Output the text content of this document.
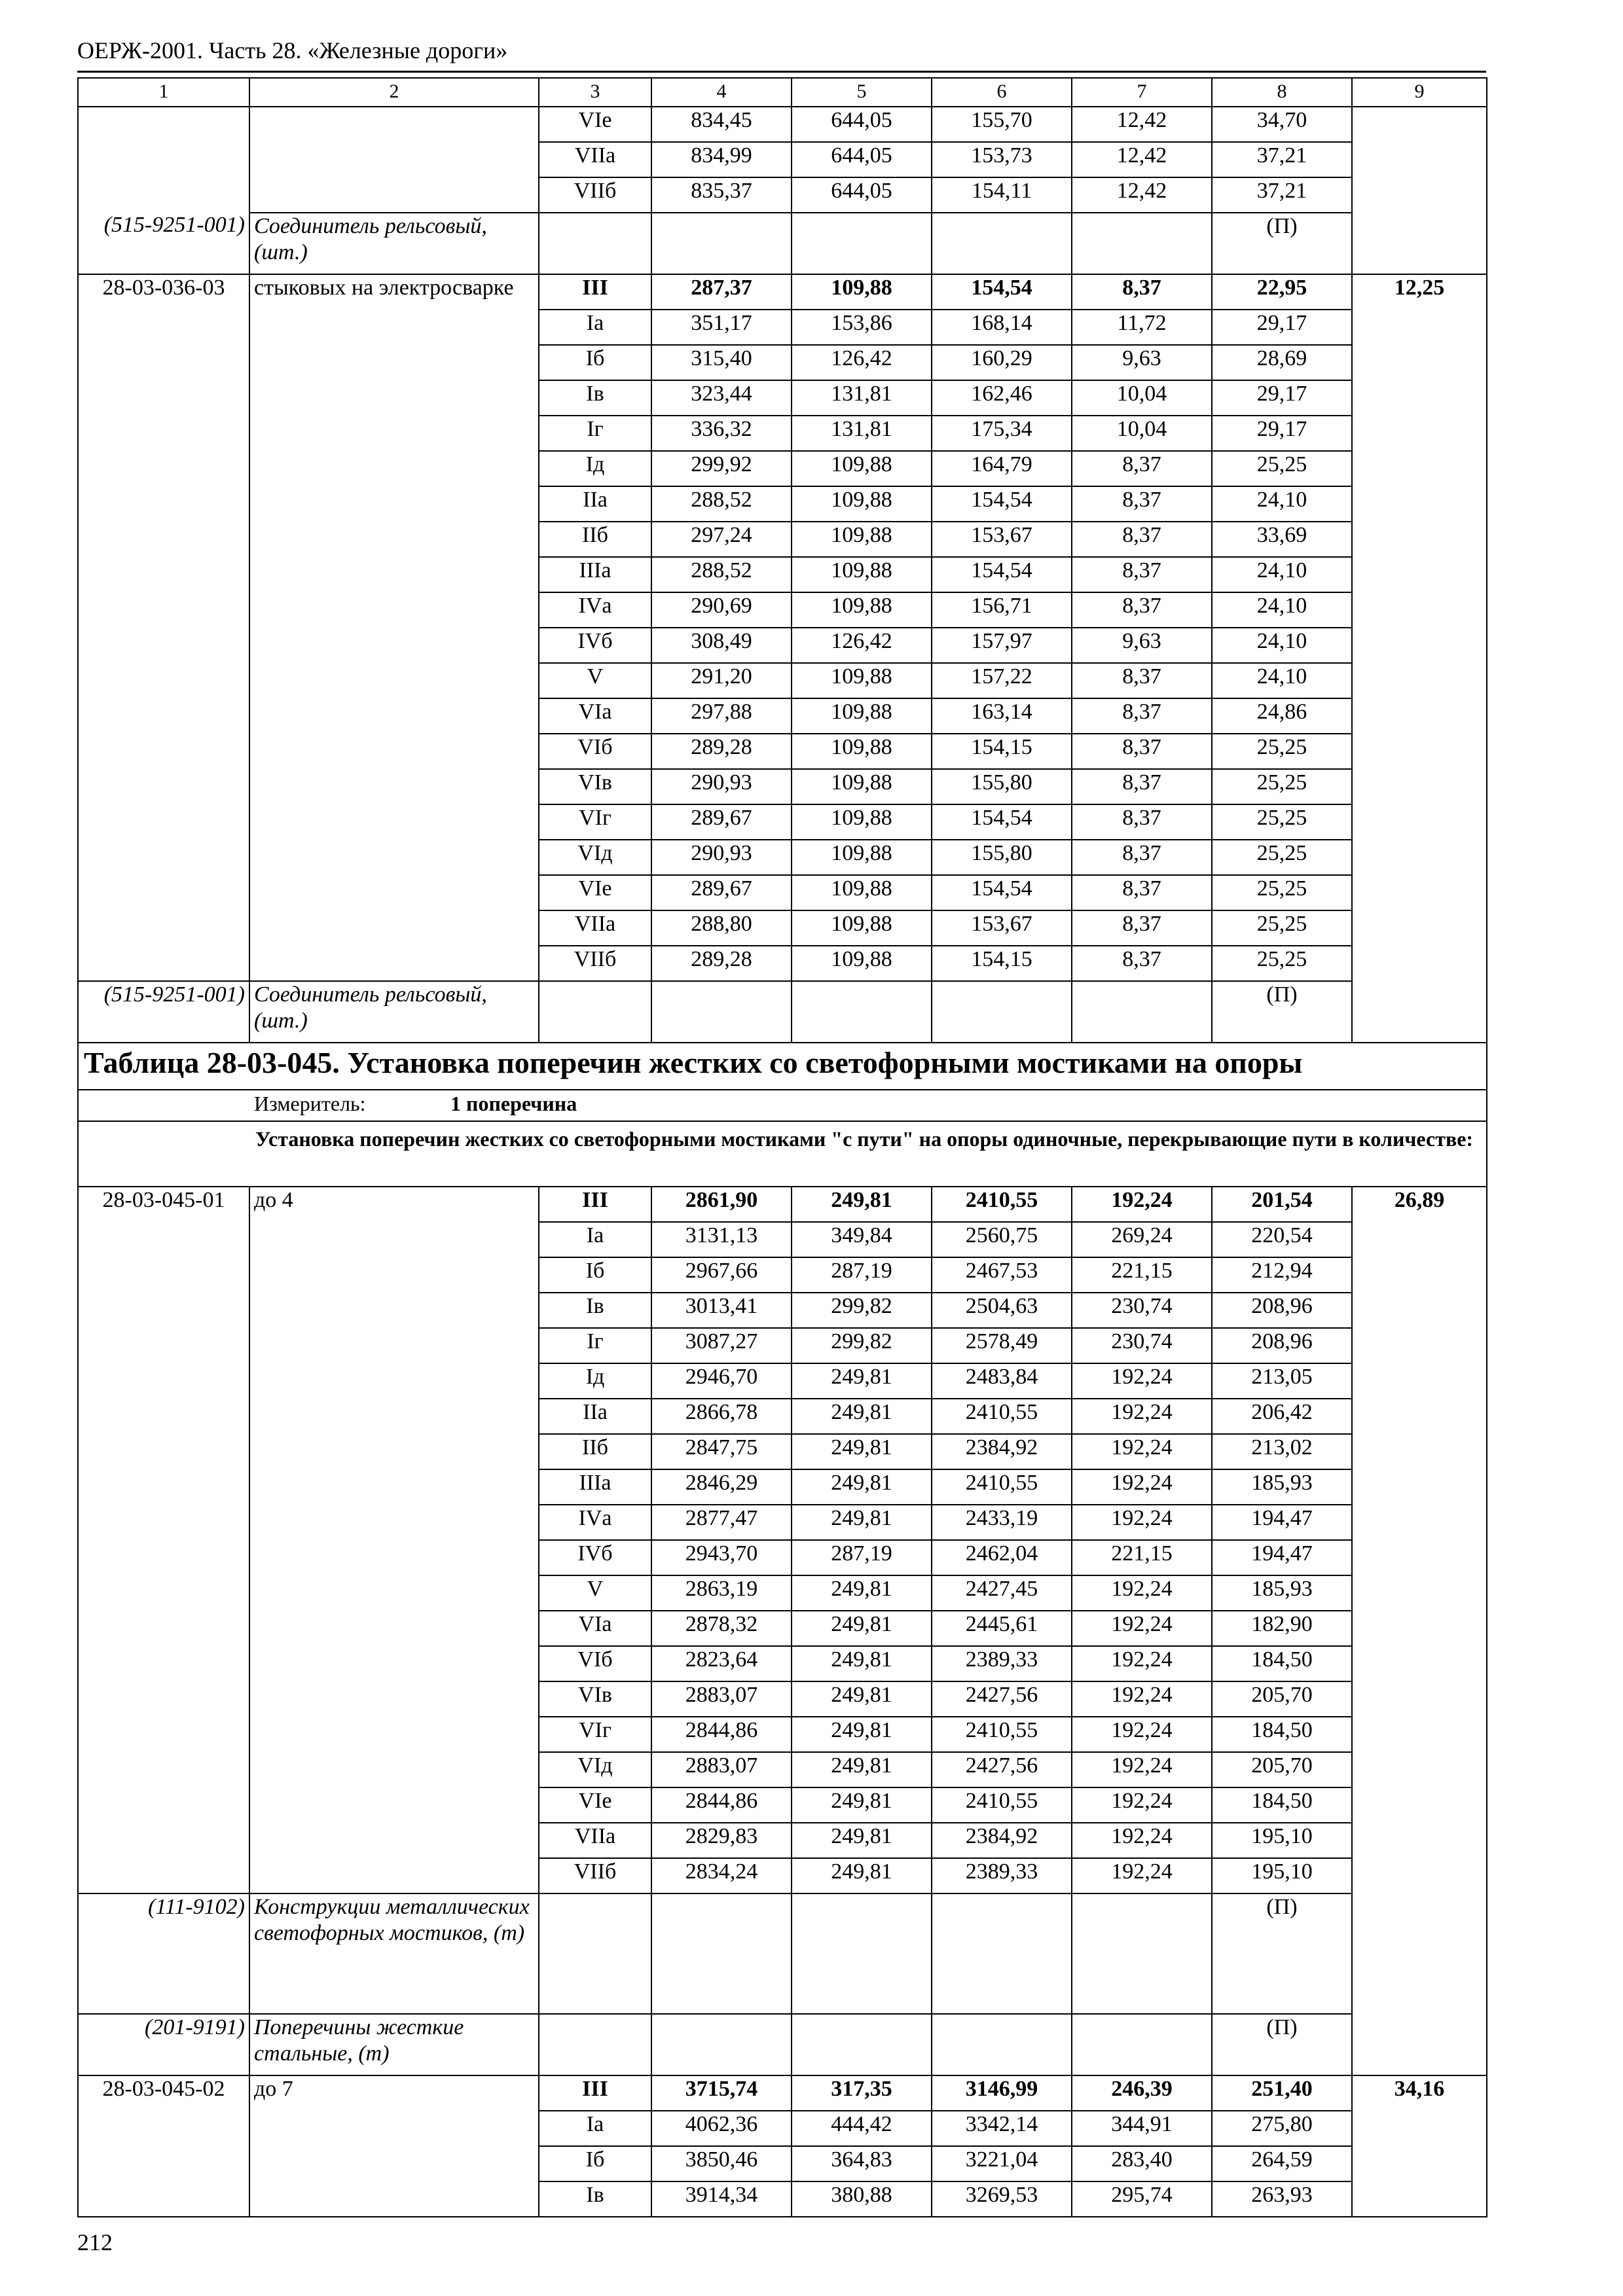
ОЕРЖ-2001. Часть 28. «Железные дороги»
1	2	3	4	5	6	7	8	9
(515-9251-001)		VIе	834,45	644,05	155,70	12,42	34,70	
		VIIа	834,99	644,05	153,73	12,42	37,21	
		VIIб	835,37	644,05	154,11	12,42	37,21	
	Соединитель рельсовый, (шт.)						(П)	
28-03-036-03	стыковых на электросварке	III	287,37	109,88	154,54	8,37	22,95	12,25
		Iа	351,17	153,86	168,14	11,72	29,17	
		Iб	315,40	126,42	160,29	9,63	28,69	
		Iв	323,44	131,81	162,46	10,04	29,17	
		Iг	336,32	131,81	175,34	10,04	29,17	
		Iд	299,92	109,88	164,79	8,37	25,25	
		IIа	288,52	109,88	154,54	8,37	24,10	
		IIб	297,24	109,88	153,67	8,37	33,69	
		IIIа	288,52	109,88	154,54	8,37	24,10	
		IVа	290,69	109,88	156,71	8,37	24,10	
		IVб	308,49	126,42	157,97	9,63	24,10	
		V	291,20	109,88	157,22	8,37	24,10	
		VIа	297,88	109,88	163,14	8,37	24,86	
		VIб	289,28	109,88	154,15	8,37	25,25	
		VIв	290,93	109,88	155,80	8,37	25,25	
		VIг	289,67	109,88	154,54	8,37	25,25	
		VIд	290,93	109,88	155,80	8,37	25,25	
		VIе	289,67	109,88	154,54	8,37	25,25	
		VIIа	288,80	109,88	153,67	8,37	25,25	
		VIIб	289,28	109,88	154,15	8,37	25,25	
(515-9251-001)	Соединитель рельсовый, (шт.)						(П)	
Таблица 28-03-045. Установка поперечин жестких со светофорными мостиками на опоры								
Измеритель: 1 поперечина								
Установка поперечин жестких со светофорными мостиками "с пути" на опоры одиночные, перекрывающие пути в количестве:								
28-03-045-01	до 4	III	2861,90	249,81	2410,55	192,24	201,54	26,89
		Iа	3131,13	349,84	2560,75	269,24	220,54	
		Iб	2967,66	287,19	2467,53	221,15	212,94	
		Iв	3013,41	299,82	2504,63	230,74	208,96	
		Iг	3087,27	299,82	2578,49	230,74	208,96	
		Iд	2946,70	249,81	2483,84	192,24	213,05	
		IIа	2866,78	249,81	2410,55	192,24	206,42	
		IIб	2847,75	249,81	2384,92	192,24	213,02	
		IIIа	2846,29	249,81	2410,55	192,24	185,93	
		IVа	2877,47	249,81	2433,19	192,24	194,47	
		IVб	2943,70	287,19	2462,04	221,15	194,47	
		V	2863,19	249,81	2427,45	192,24	185,93	
		VIа	2878,32	249,81	2445,61	192,24	182,90	
		VIб	2823,64	249,81	2389,33	192,24	184,50	
		VIв	2883,07	249,81	2427,56	192,24	205,70	
		VIг	2844,86	249,81	2410,55	192,24	184,50	
		VIд	2883,07	249,81	2427,56	192,24	205,70	
		VIе	2844,86	249,81	2410,55	192,24	184,50	
		VIIа	2829,83	249,81	2384,92	192,24	195,10	
		VIIб	2834,24	249,81	2389,33	192,24	195,10	
(111-9102)	Конструкции металлических светофорных мостиков, (т)						(П)	
(201-9191)	Поперечины жесткие стальные, (т)						(П)	
28-03-045-02	до 7	III	3715,74	317,35	3146,99	246,39	251,40	34,16
		Iа	4062,36	444,42	3342,14	344,91	275,80	
		Iб	3850,46	364,83	3221,04	283,40	264,59	
		Iв	3914,34	380,88	3269,53	295,74	263,93	
212
